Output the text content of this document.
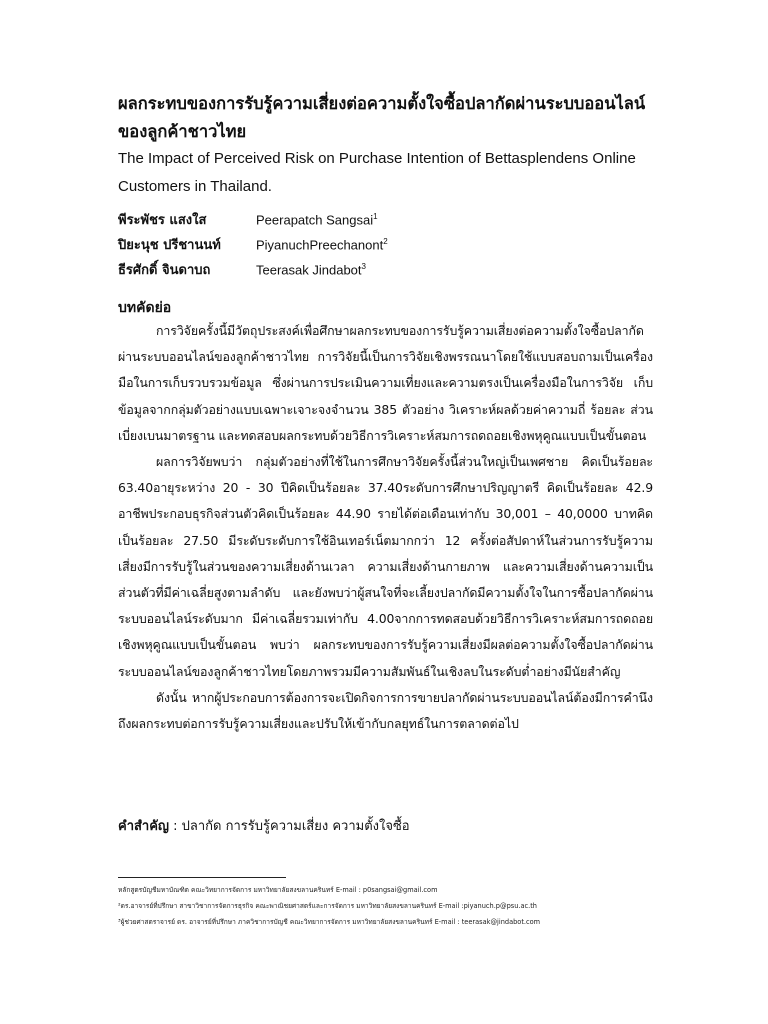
ผลกระทบของการรับรู้ความเสี่ยงต่อความตั้งใจซื้อปลากัดผ่านระบบออนไลน์
ของลูกค้าชาวไทย
The Impact of Perceived Risk on Purchase Intention of Bettasplendens Online
Customers in Thailand.
พีระพัชร แสงใส	Peerapatch Sangsai$^1$
ปิยะนุช ปรีชานนท์	PiyanuchPreechanont$^2$
ธีรศักดิ์ จินดาบถ	Teerasak Jindabot$^3$
บทคัดย่อ

การวิจัยครั้งนี้มีวัตถุประสงค์เพื่อศึกษาผลกระทบของการรับรู้ความเสี่ยงต่อความตั้งใจซื้อปลากัดผ่านระบบออนไลน์ของลูกค้าชาวไทย การวิจัยนี้เป็นการวิจัยเชิงพรรณนาโดยใช้แบบสอบถามเป็นเครื่องมือในการเก็บรวบรวมข้อมูล ซึ่งผ่านการประเมินความเที่ยงและความตรงเป็นเครื่องมือในการวิจัย เก็บข้อมูลจากกลุ่มตัวอย่างแบบเฉพาะเจาะจงจำนวน 385 ตัวอย่าง วิเคราะห์ผลด้วยค่าความถี่ ร้อยละ ส่วนเบี่ยงเบนมาตรฐาน และทดสอบผลกระทบด้วยวิธีการวิเคราะห์สมการถดถอยเชิงพหุคูณแบบเป็นขั้นตอน

ผลการวิจัยพบว่า กลุ่มตัวอย่างที่ใช้ในการศึกษาวิจัยครั้งนี้ส่วนใหญ่เป็นเพศชาย คิดเป็นร้อยละ 63.40อายุระหว่าง 20 - 30 ปีคิดเป็นร้อยละ 37.40ระดับการศึกษาปริญญาตรี คิดเป็นร้อยละ 42.9 อาชีพประกอบธุรกิจส่วนตัวคิดเป็นร้อยละ 44.90 รายได้ต่อเดือนเท่ากับ 30,001 – 40,0000 บาทคิดเป็นร้อยละ 27.50 มีระดับระดับการใช้อินเทอร์เน็ตมากกว่า 12 ครั้งต่อสัปดาห์ในส่วนการรับรู้ความเสี่ยงมีการรับรู้ในส่วนของความเสี่ยงด้านเวลา ความเสี่ยงด้านกายภาพ และความเสี่ยงด้านความเป็นส่วนตัวที่มีค่าเฉลี่ยสูงตามลำดับ และยังพบว่าผู้สนใจที่จะเลี้ยงปลากัดมีความตั้งใจในการซื้อปลากัดผ่านระบบออนไลน์ระดับมาก มีค่าเฉลี่ยรวมเท่ากับ 4.00จากการทดสอบด้วยวิธีการวิเคราะห์สมการถดถอยเชิงพหุคูณแบบเป็นขั้นตอน พบว่า ผลกระทบของการรับรู้ความเสี่ยงมีผลต่อความตั้งใจซื้อปลากัดผ่านระบบออนไลน์ของลูกค้าชาวไทยโดยภาพรวมมีความสัมพันธ์ในเชิงลบในระดับต่ำอย่างมีนัยสำคัญ

ดังนั้น หากผู้ประกอบการต้องการจะเปิดกิจการการขายปลากัดผ่านระบบออนไลน์ต้องมีการคำนึงถึงผลกระทบต่อการรับรู้ความเสี่ยงและปรับให้เข้ากับกลยุทธ์ในการตลาดต่อไป

คำสำคัญ : ปลากัด การรับรู้ความเสี่ยง ความตั้งใจซื้อ
หลักสูตรบัญชีมหาบัณฑิต คณะวิทยาการจัดการ มหาวิทยาลัยสงขลานครินทร์ E-mail : p0sangsai@gmail.com
²ดร.อาจารย์ที่ปรึกษา สาขาวิชาการจัดการธุรกิจ คณะพาณิชยศาสตร์และการจัดการ มหาวิทยาลัยสงขลานครินทร์ E-mail :piyanuch.p@psu.ac.th
³ผู้ช่วยศาสตราจารย์ ดร. อาจารย์ที่ปรึกษา ภาควิชาการบัญชี คณะวิทยาการจัดการ มหาวิทยาลัยสงขลานครินทร์ E-mail : teerasak@jindabot.com
